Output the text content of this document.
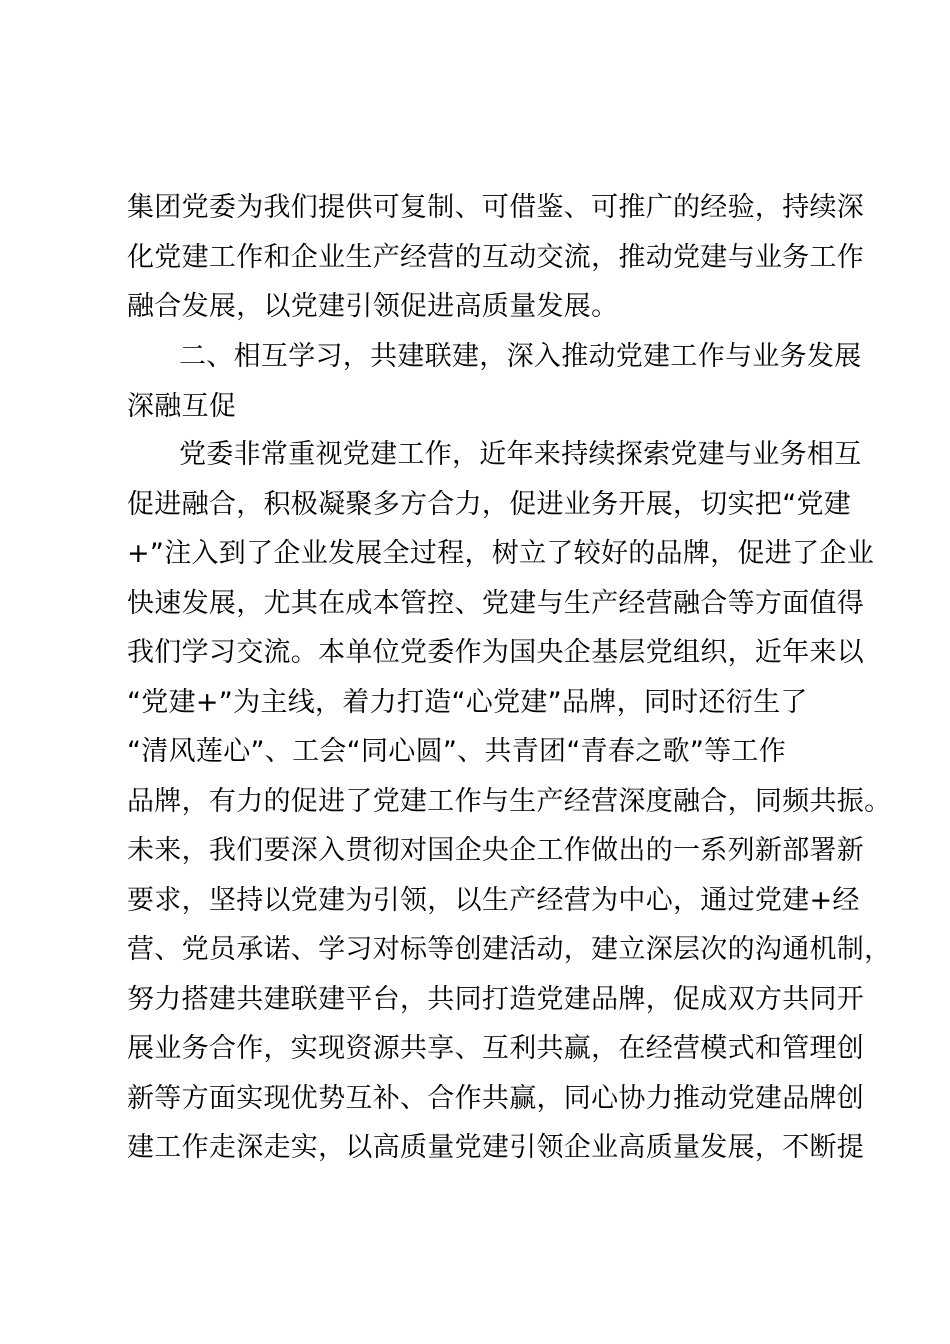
集团党委为我们提供可复制、可借鉴、可推广的经验，持续深
化党建工作和企业生产经营的互动交流，推动党建与业务工作
融合发展，以党建引领促进高质量发展。
二、相互学习，共建联建，深入推动党建工作与业务发展
深融互促
党委非常重视党建工作，近年来持续探索党建与业务相互
促进融合，积极凝聚多方合力，促进业务开展，切实把“党建
+”注入到了企业发展全过程，树立了较好的品牌，促进了企业
快速发展，尤其在成本管控、党建与生产经营融合等方面值得
我们学习交流。本单位党委作为国央企基层党组织，近年来以
“党建+”为主线，着力打造“心党建”品牌，同时还衍生了
“清风莲心”、工会“同心圆”、共青团“青春之歌”等工作
品牌，有力的促进了党建工作与生产经营深度融合，同频共振。
未来，我们要深入贯彻对国企央企工作做出的一系列新部署新
要求，坚持以党建为引领，以生产经营为中心，通过党建+经
营、党员承诺、学习对标等创建活动，建立深层次的沟通机制，
努力搭建共建联建平台，共同打造党建品牌，促成双方共同开
展业务合作，实现资源共享、互利共赢，在经营模式和管理创
新等方面实现优势互补、合作共赢，同心协力推动党建品牌创
建工作走深走实，以高质量党建引领企业高质量发展，不断提
